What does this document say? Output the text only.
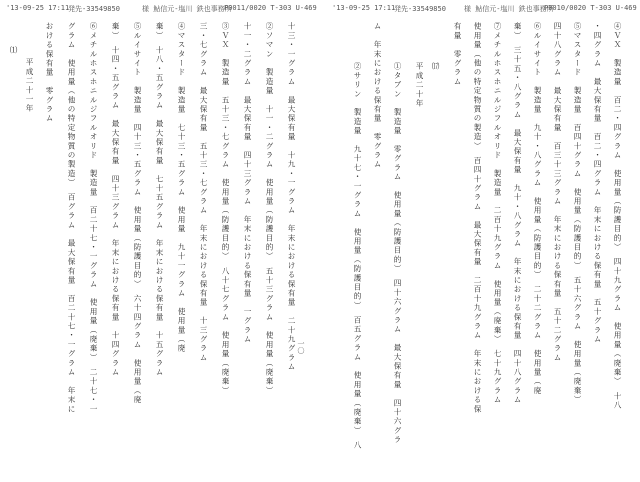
'13-09-25 17:11
発先-33549850	様 鮎信元-塩川 鉄也事務所
P0011/0020 T-303 U-469 '13-09-25 17:11
発先-33549850	様 鮎信元-塩川 鉄也事務所
P0010/0020 T-303 U-469
十三・一グラム　最大保有量　十九・一グラム　年末における保有量　二十九グラム
②ソマン　製造量　十一・二グラム　使用量（防護目的）　五十三グラム　使用量（廃棄）
十一・二グラム　最大保有量　四十三グラム　年末における保有量　一グラム
③ＶＸ　製造量　五十三・七グラム　使用量（防護目的）　八十七グラム　使用量（廃棄）
三・七グラム　最大保有量　五十三・七グラム　年末における保有量　十三グラム
④マスタード　製造量　七十三・五グラム　使用量　九十一グラム　使用量（廃
棄）　十八・五グラム　最大保有量　七十五グラム　年末における保有量　十五グラム
⑤ルイサイト　製造量　四十三・五グラム　使用量（防護目的）　六十四グラム　使用量（廃
棄）　十四・五グラム　最大保有量　四十三グラム　年末における保有量　十四グラム
⑥メチルホスホニルジフルオリド　製造量　百二十七・一グラム　使用量（廃棄）　二十七・一
グラム　使用量（他の特定物質の製造）　百グラム　最大保有量　百二十七・一グラム　年末に
おける保有量　零グラム
平成二十一年
⑴
一〇	④ＶＸ　製造量　百二・四グラム　使用量（防護目的）　四十九グラム　使用量（廃棄）　十八
・四グラム　最大保有量　百二・四グラム　年末における保有量　五十グラム
⑤マスタード　製造量　百四十グラム　使用量（防護目的）　五十六グラム　使用量（廃棄）
四十八グラム　最大保有量　百三十三グラム　年末における保有量　五十二グラム
⑥ルイサイト　製造量　九十・八グラム　使用量（防護目的）　二十二グラム　使用量（廃
棄）　三十五・八グラム　最大保有量　九十・八グラム　年末における保有量　四十八グラム
⑦メチルホスホニルジフルオリド　製造量　二百十九グラム　使用量（廃棄）　七十九グラム
使用量（他の特定物質の製造）　百四十グラム　最大保有量　二百十九グラム　年末における保
有量　零グラム
⒄
平成二十年
①タブン　製造量　零グラム　使用量（防護目的）　四十六グラム　最大保有量　四十六グラ
ム　年末における保有量　零グラム
②サリン　製造量　九十七・一グラム　使用量（防護目的）　百五グラム　使用量（廃棄）　八
